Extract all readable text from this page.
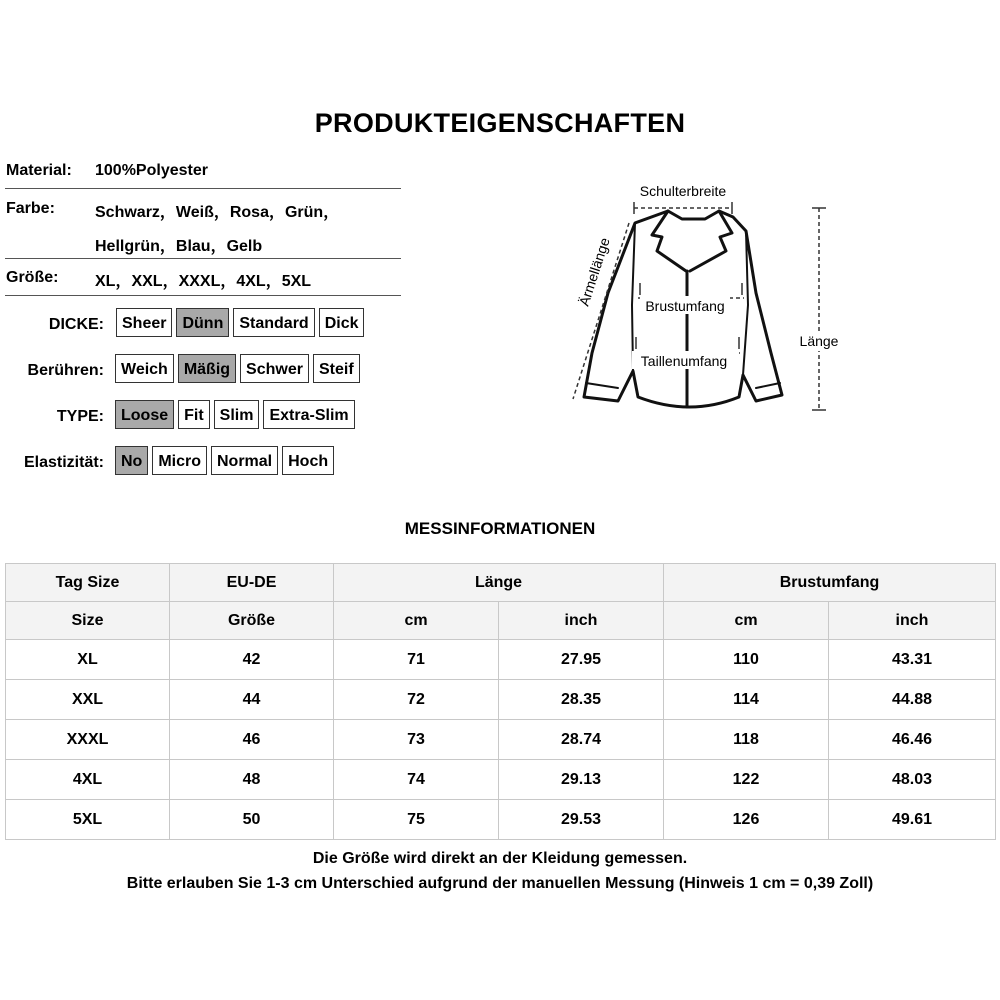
PRODUKTEIGENSCHAFTEN
Material: 100%Polyester
Farbe:	Schwarz，Weiß，Rosa，Grün，
Hellgrün，Blau，Gelb
Größe: XL，XXL，XXXL，4XL，5XL
DICKE:	Sheer	Dünn	Standard	Dick
Berühren:	Weich	Mäßig	Schwer	Steif
TYPE:	Loose	Fit	Slim	Extra-Slim
Elastizität:	No	Micro	Normal	Hoch
Schulterbreite
Ärmellänge Brustumfang
Taillenumfang
Länge
MESSINFORMATIONEN
Tag Size	EU-DE	Länge		Brustumfang	
Size	Größe	cm	inch	cm	inch
XL	42	71	27.95	110	43.31
XXL	44	72	28.35	114	44.88
XXXL	46	73	28.74	118	46.46
4XL	48	74	29.13	122	48.03
5XL	50	75	29.53	126	49.61
Die Größe wird direkt an der Kleidung gemessen.
Bitte erlauben Sie 1-3 cm Unterschied aufgrund der manuellen Messung (Hinweis 1 cm = 0,39 Zoll)
